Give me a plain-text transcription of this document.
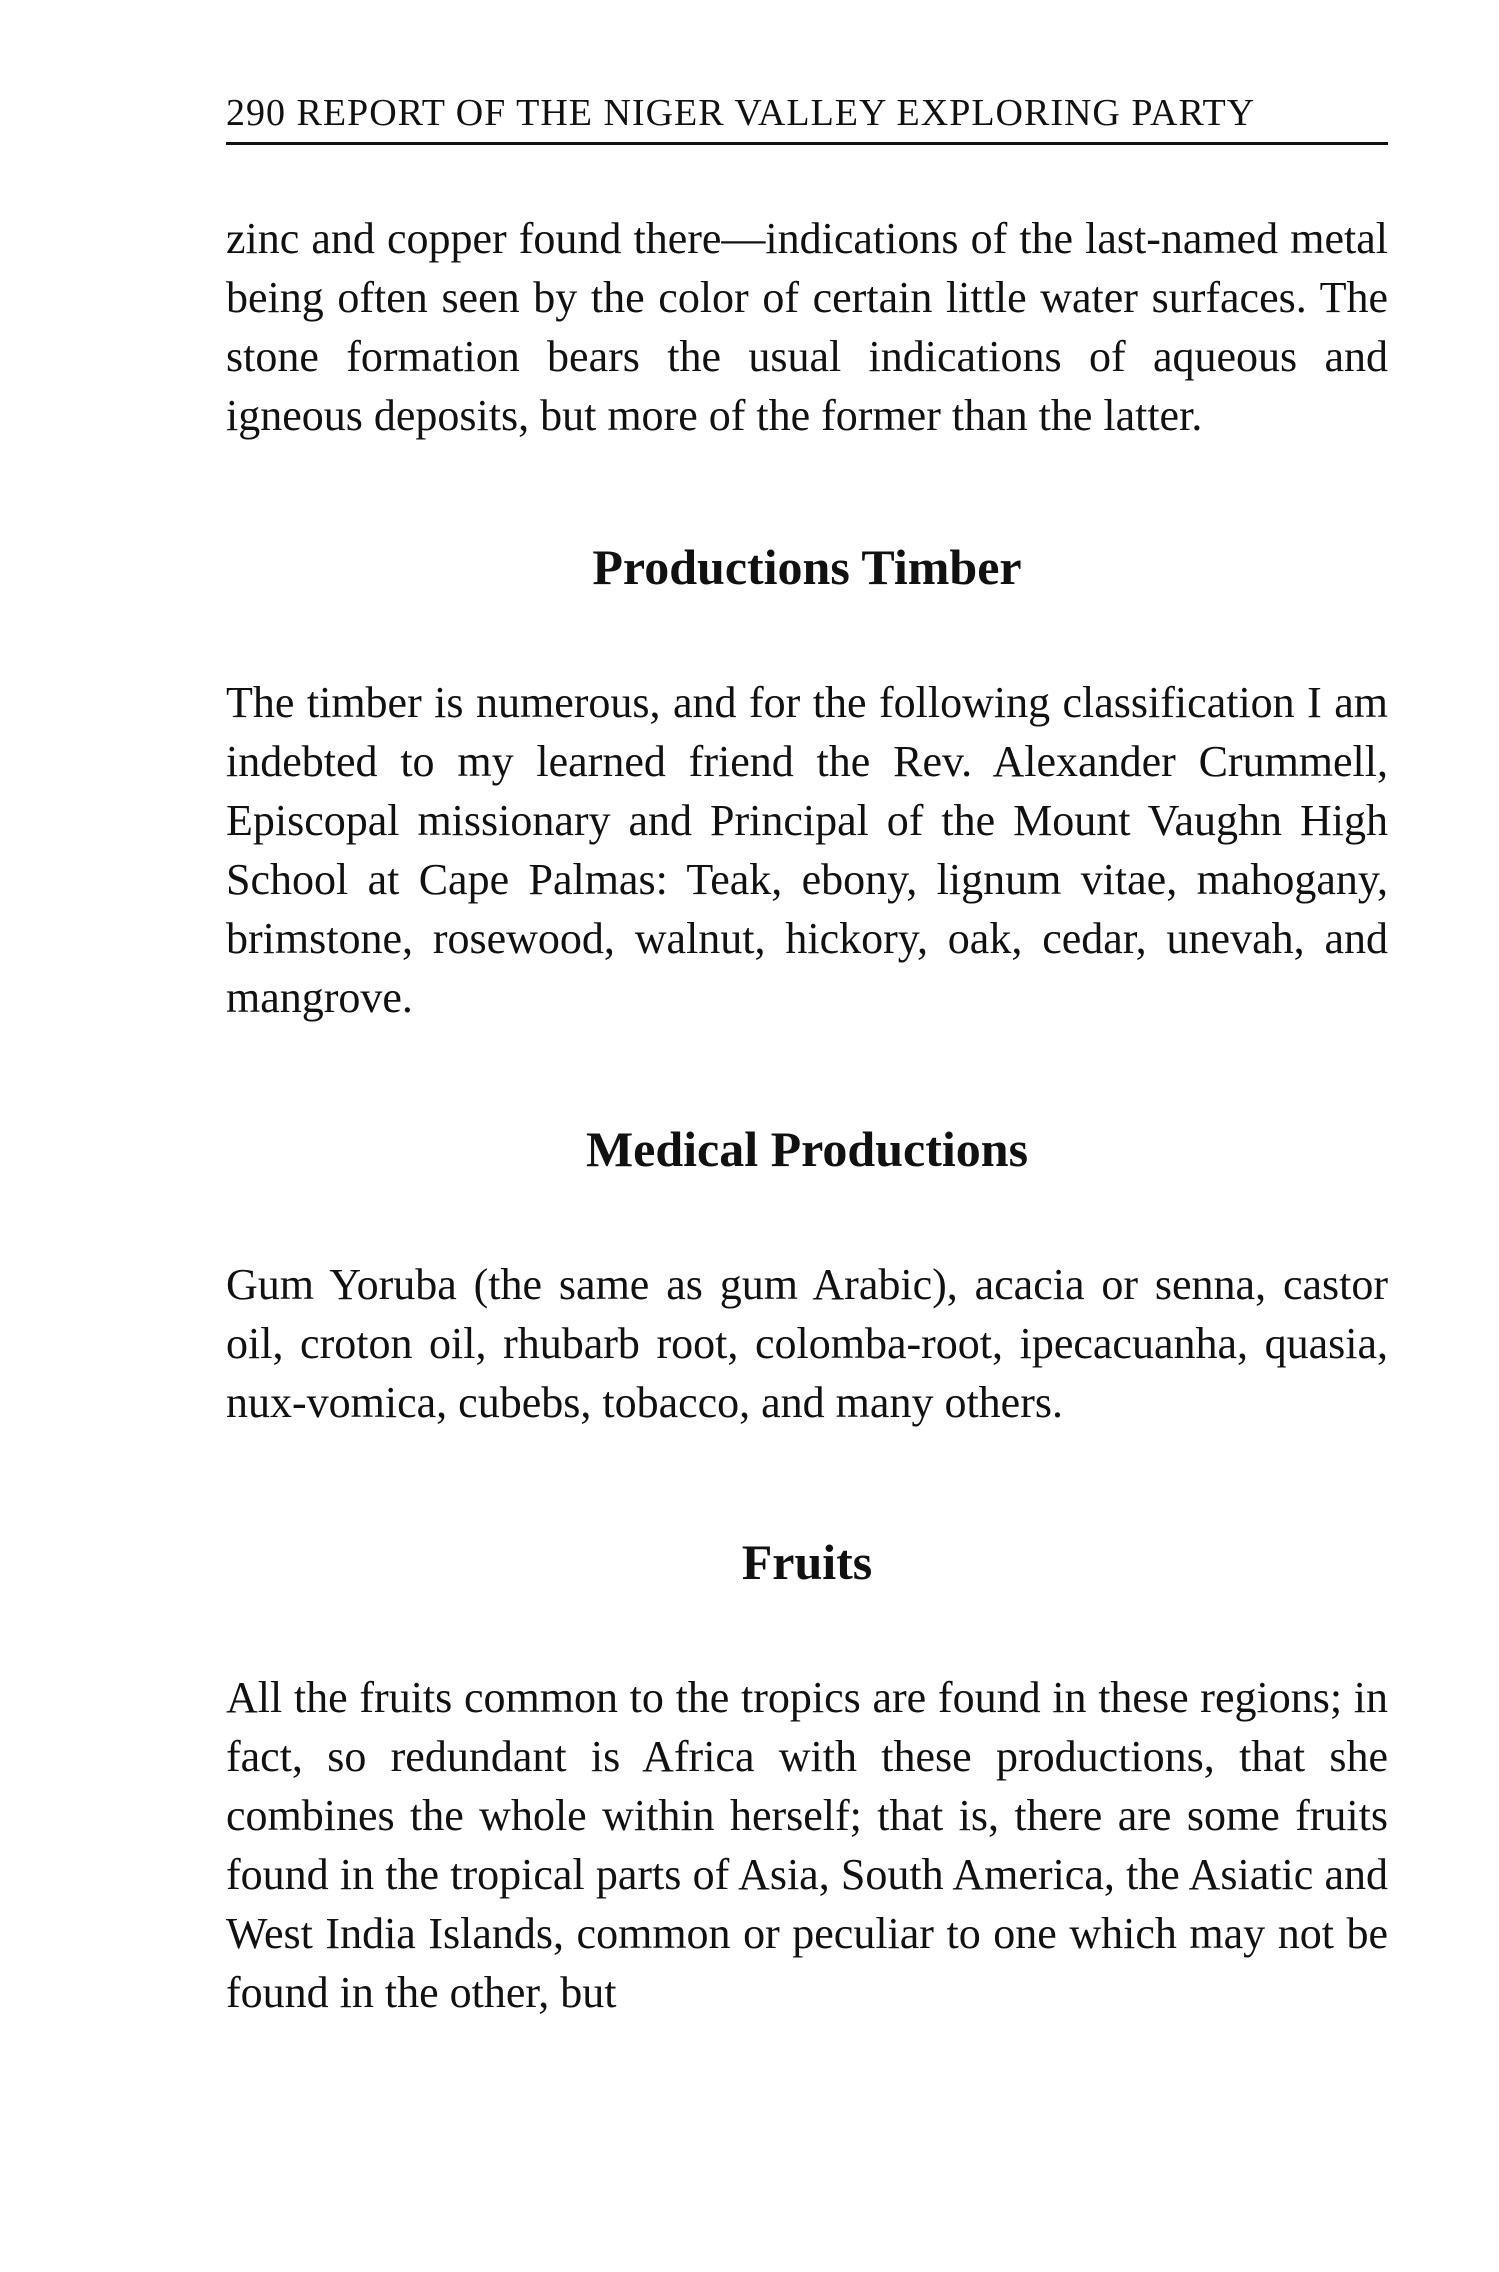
290 REPORT OF THE NIGER VALLEY EXPLORING PARTY

zinc and copper found there—indications of the last-named metal being often seen by the color of certain little water surfaces. The stone formation bears the usual indications of aqueous and igneous deposits, but more of the former than the latter.

Productions Timber

The timber is numerous, and for the following classification I am indebted to my learned friend the Rev. Alexander Crummell, Episcopal missionary and Principal of the Mount Vaughn High School at Cape Palmas: Teak, ebony, lignum vitae, mahogany, brimstone, rosewood, walnut, hickory, oak, cedar, unevah, and mangrove.

Medical Productions

Gum Yoruba (the same as gum Arabic), acacia or senna, castor oil, croton oil, rhubarb root, colomba-root, ipecacuanha, quasia, nux-vomica, cubebs, tobacco, and many others.

Fruits

All the fruits common to the tropics are found in these regions; in fact, so redundant is Africa with these productions, that she combines the whole within herself; that is, there are some fruits found in the tropical parts of Asia, South America, the Asiatic and West India Islands, common or peculiar to one which may not be found in the other, but
